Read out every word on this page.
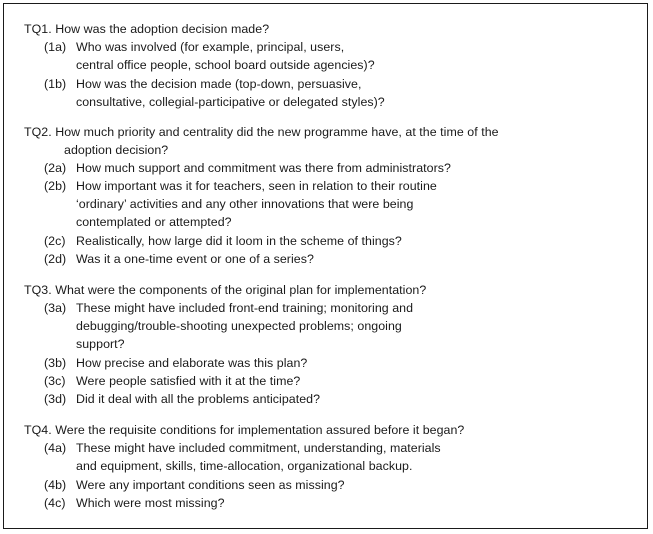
TQ1. How was the adoption decision made?
(1a) Who was involved (for example, principal, users,
central office people, school board outside agencies)?
(1b) How was the decision made (top-down, persuasive,
consultative, collegial-participative or delegated styles)?
TQ2. How much priority and centrality did the new programme have, at the time of the
adoption decision?
(2a) How much support and commitment was there from administrators?
(2b) How important was it for teachers, seen in relation to their routine
‘ordinary’ activities and any other innovations that were being
contemplated or attempted?
(2c) Realistically, how large did it loom in the scheme of things?
(2d) Was it a one-time event or one of a series?
TQ3. What were the components of the original plan for implementation?
(3a) These might have included front-end training; monitoring and
debugging/trouble-shooting unexpected problems; ongoing
support?
(3b) How precise and elaborate was this plan?
(3c) Were people satisfied with it at the time?
(3d) Did it deal with all the problems anticipated?
TQ4. Were the requisite conditions for implementation assured before it began?
(4a) These might have included commitment, understanding, materials
and equipment, skills, time-allocation, organizational backup.
(4b) Were any important conditions seen as missing?
(4c) Which were most missing?
